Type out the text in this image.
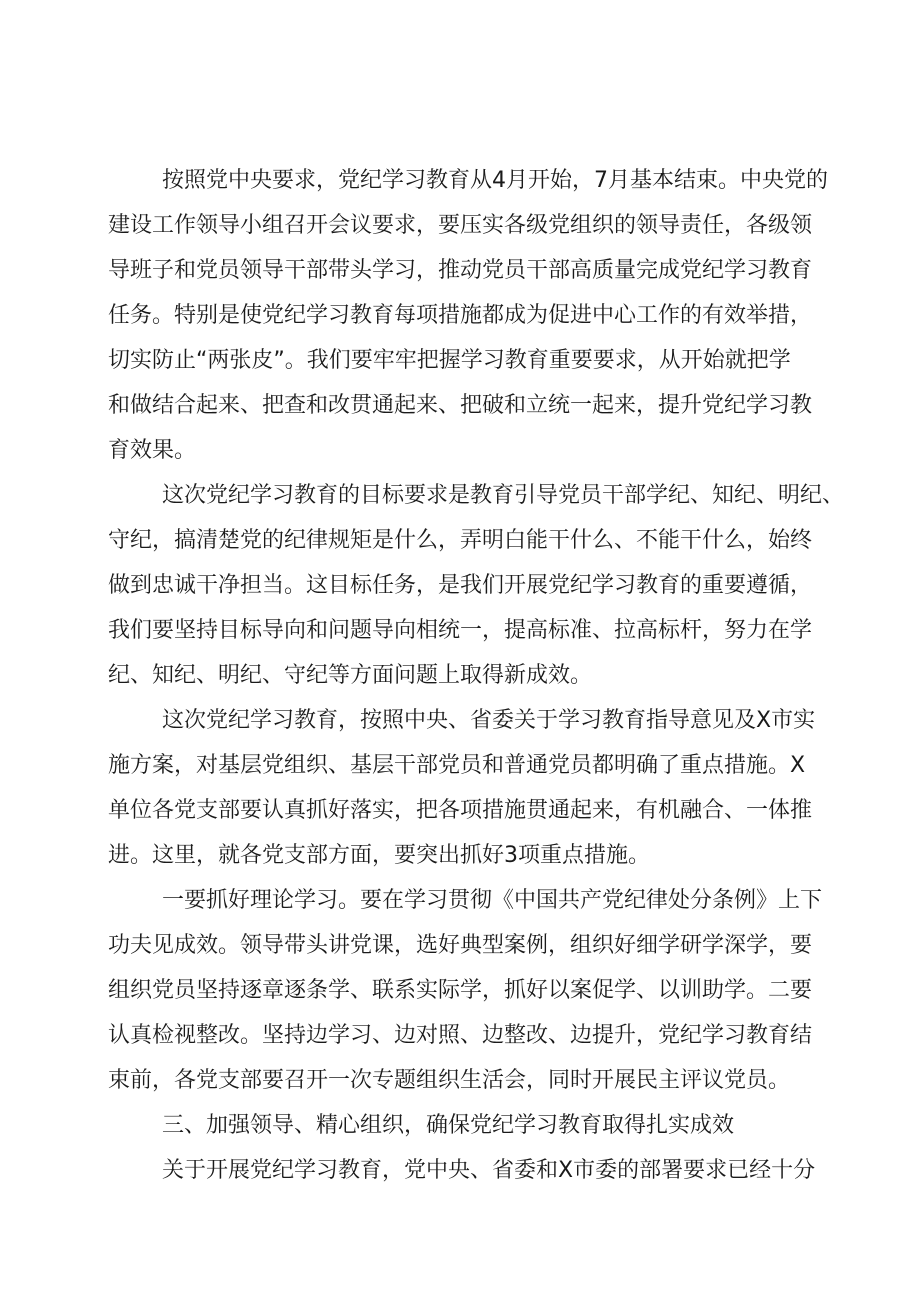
按照党中央要求，党纪学习教育从4月开始，7月基本结束。中央党的
建设工作领导小组召开会议要求，要压实各级党组织的领导责任，各级领
导班子和党员领导干部带头学习，推动党员干部高质量完成党纪学习教育
任务。特别是使党纪学习教育每项措施都成为促进中心工作的有效举措，
切实防止“两张皮”。我们要牢牢把握学习教育重要要求，从开始就把学
和做结合起来、把查和改贯通起来、把破和立统一起来，提升党纪学习教
育效果。
这次党纪学习教育的目标要求是教育引导党员干部学纪、知纪、明纪、
守纪，搞清楚党的纪律规矩是什么，弄明白能干什么、不能干什么，始终
做到忠诚干净担当。这目标任务，是我们开展党纪学习教育的重要遵循，
我们要坚持目标导向和问题导向相统一，提高标准、拉高标杆，努力在学
纪、知纪、明纪、守纪等方面问题上取得新成效。
这次党纪学习教育，按照中央、省委关于学习教育指导意见及X市实
施方案，对基层党组织、基层干部党员和普通党员都明确了重点措施。X
单位各党支部要认真抓好落实，把各项措施贯通起来，有机融合、一体推
进。这里，就各党支部方面，要突出抓好3项重点措施。
一要抓好理论学习。要在学习贯彻《中国共产党纪律处分条例》上下
功夫见成效。领导带头讲党课，选好典型案例，组织好细学研学深学，要
组织党员坚持逐章逐条学、联系实际学，抓好以案促学、以训助学。二要
认真检视整改。坚持边学习、边对照、边整改、边提升，党纪学习教育结
束前，各党支部要召开一次专题组织生活会，同时开展民主评议党员。
三、加强领导、精心组织，确保党纪学习教育取得扎实成效
关于开展党纪学习教育，党中央、省委和X市委的部署要求已经十分
